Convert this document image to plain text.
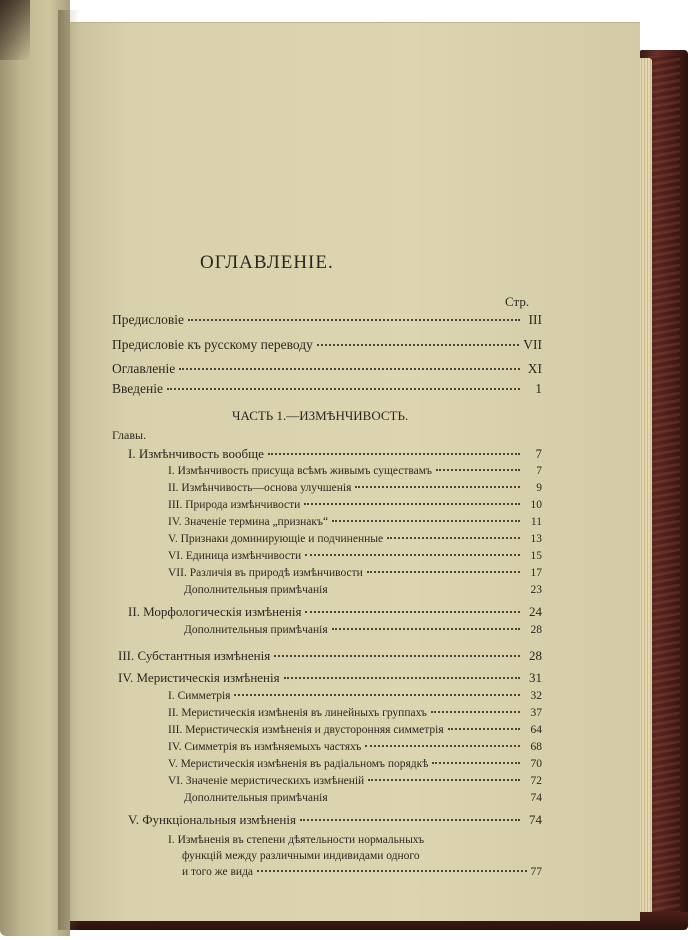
ОГЛАВЛЕНІЕ.
Стр.
Предисловіе	III
Предисловіе къ русскому переводу	VII
Оглавленіе	XI
Введеніе	1
ЧАСТЬ 1.—ИЗМѢНЧИВОСТЬ.
Главы.
I. Измѣнчивость вообще	7
I. Измѣнчивость присуща всѣмъ живымъ существамъ	7
II. Измѣнчивость—основа улучшенія	9
III. Природа измѣнчивости	10
IV. Значеніе термина „признакъ“	11
V. Признаки доминирующіе и подчиненные	13
VI. Единица измѣнчивости	15
VII. Различія въ природѣ измѣнчивости	17
Дополнительныя примѣчанія	23
II. Морфологическія измѣненія	24
Дополнительныя примѣчанія	28
III. Субстантныя измѣненія	28
IV. Меристическія измѣненія	31
I. Симметрія	32
II. Меристическія измѣненія въ линейныхъ группахъ	37
III. Меристическія измѣненія и двусторонняя симметрія	64
IV. Симметрія въ измѣняемыхъ частяхъ	68
V. Меристическія измѣненія въ радіальномъ порядкѣ	70
VI. Значеніе меристическихъ измѣненій	72
Дополнительныя примѣчанія	74
V. Функціональныя измѣненія	74
I. Измѣненія въ степени дѣятельности нормальныхъ
функцій между различными индивидами одного
и того же вида	77
